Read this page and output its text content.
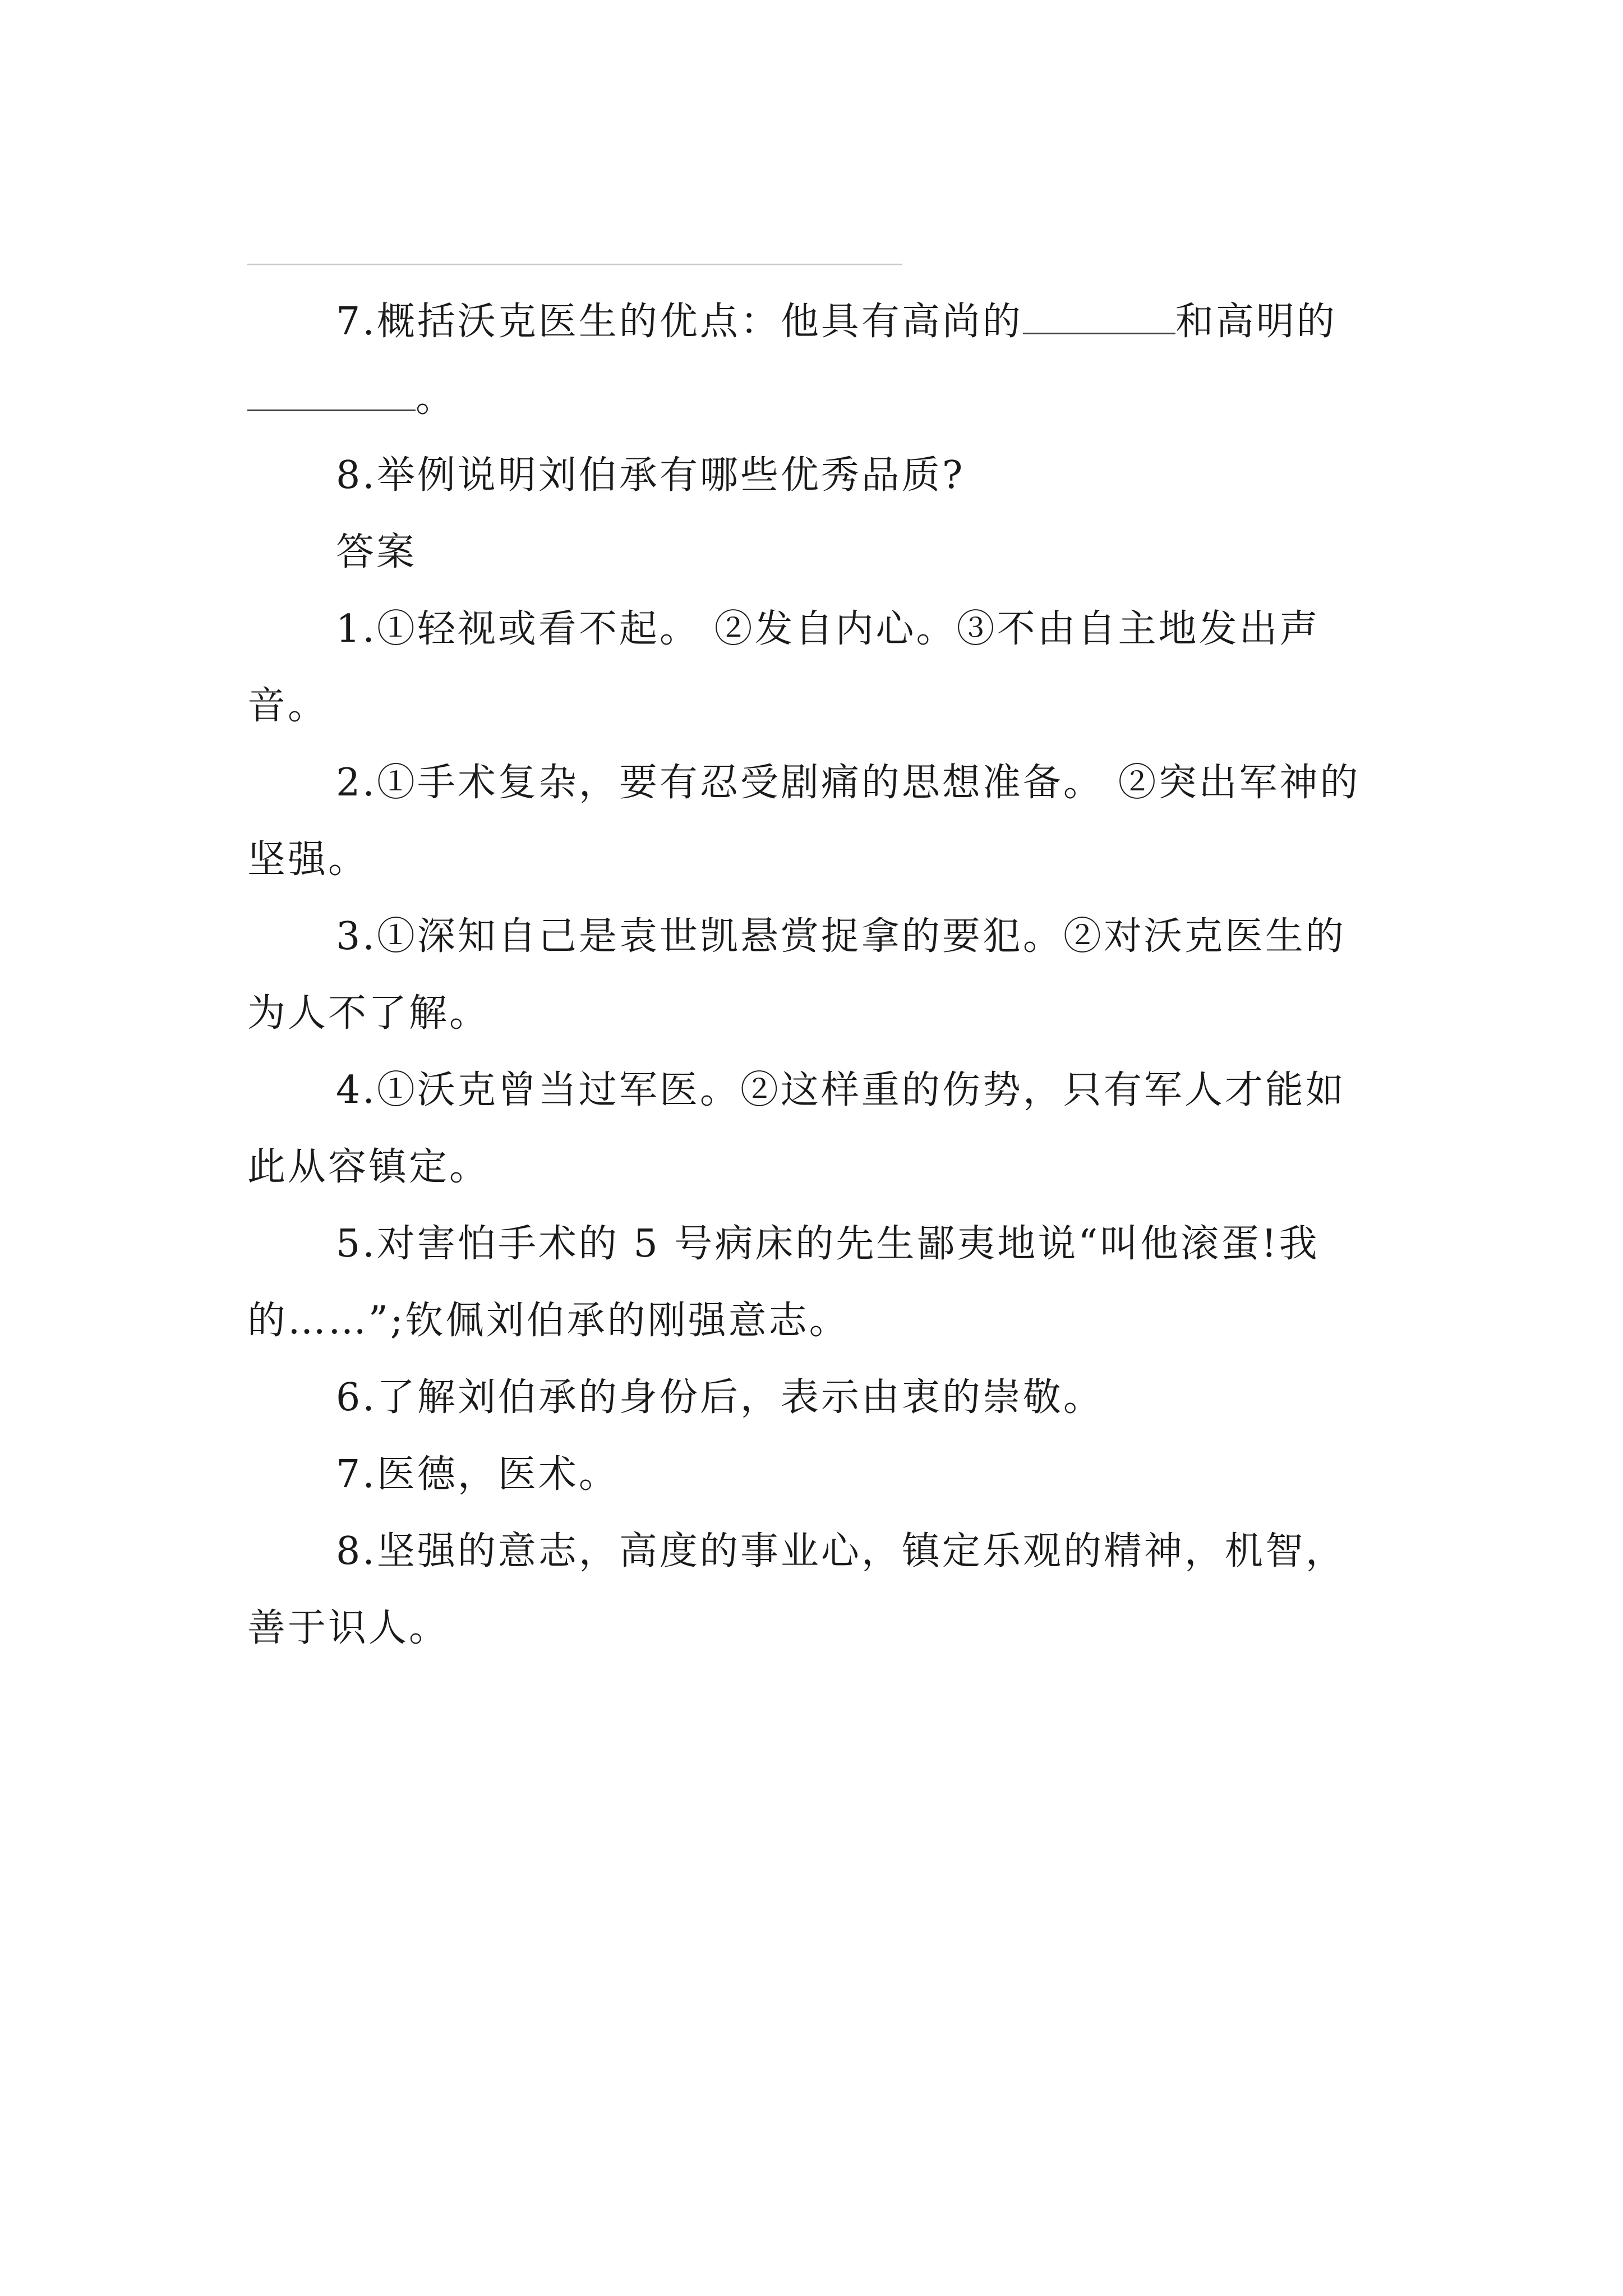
7.概括沃克医生的优点：他具有高尚的	和高明的。

8.举例说明刘伯承有哪些优秀品质?

答案

1.①轻视或看不起。 ②发自内心。③不由自主地发出声音。

2.①手术复杂，要有忍受剧痛的思想准备。 ②突出军神的坚强。

3.①深知自己是袁世凯悬赏捉拿的要犯。②对沃克医生的为人不了解。

4.①沃克曾当过军医。②这样重的伤势，只有军人才能如此从容镇定。

5.对害怕手术的 5 号病床的先生鄙夷地说“叫他滚蛋!我的……”;钦佩刘伯承的刚强意志。

6.了解刘伯承的身份后，表示由衷的崇敬。

7.医德，医术。

8.坚强的意志，高度的事业心，镇定乐观的精神，机智，善于识人。
